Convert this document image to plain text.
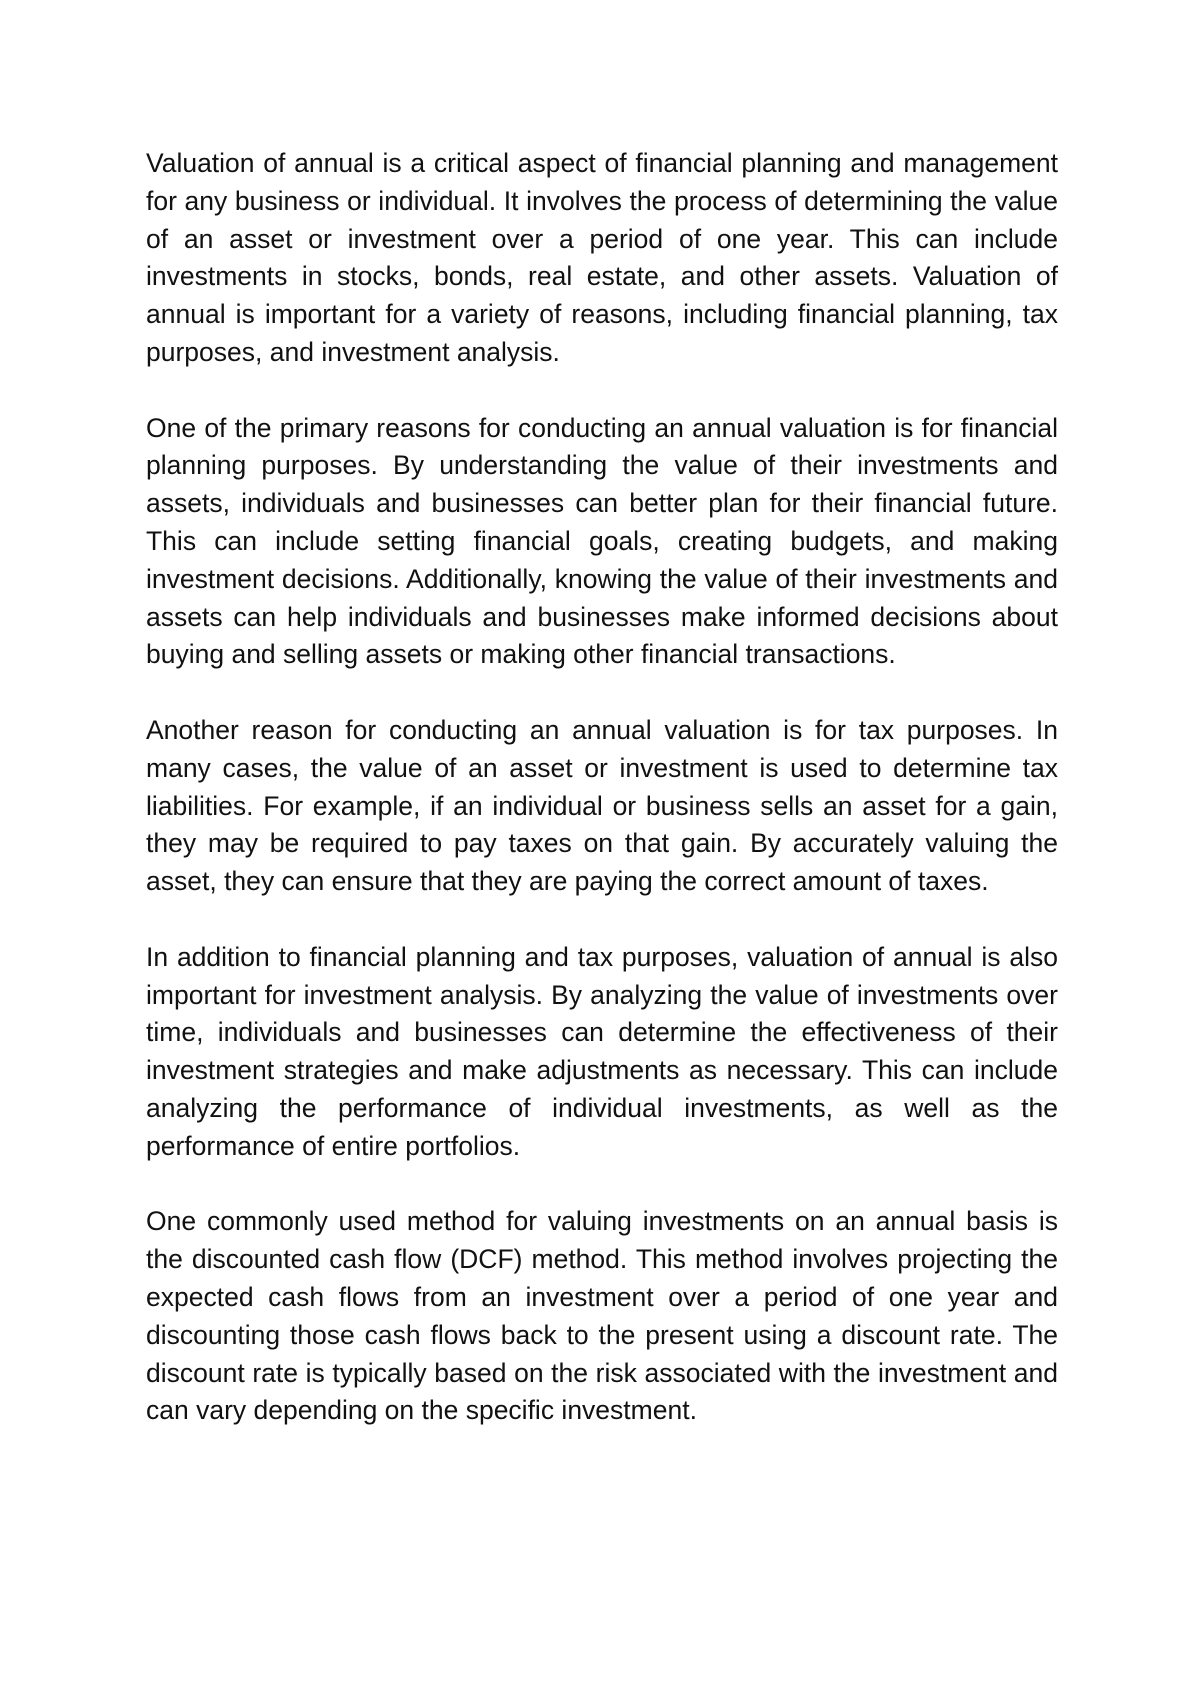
Valuation of annual is a critical aspect of financial planning and management for any business or individual. It involves the process of determining the value of an asset or investment over a period of one year. This can include investments in stocks, bonds, real estate, and other assets. Valuation of annual is important for a variety of reasons, including financial planning, tax purposes, and investment analysis.

One of the primary reasons for conducting an annual valuation is for financial planning purposes. By understanding the value of their investments and assets, individuals and businesses can better plan for their financial future. This can include setting financial goals, creating budgets, and making investment decisions. Additionally, knowing the value of their investments and assets can help individuals and businesses make informed decisions about buying and selling assets or making other financial transactions.

Another reason for conducting an annual valuation is for tax purposes. In many cases, the value of an asset or investment is used to determine tax liabilities. For example, if an individual or business sells an asset for a gain, they may be required to pay taxes on that gain. By accurately valuing the asset, they can ensure that they are paying the correct amount of taxes.

In addition to financial planning and tax purposes, valuation of annual is also important for investment analysis. By analyzing the value of investments over time, individuals and businesses can determine the effectiveness of their investment strategies and make adjustments as necessary. This can include analyzing the performance of individual investments, as well as the performance of entire portfolios.

One commonly used method for valuing investments on an annual basis is the discounted cash flow (DCF) method. This method involves projecting the expected cash flows from an investment over a period of one year and discounting those cash flows back to the present using a discount rate. The discount rate is typically based on the risk associated with the investment and can vary depending on the specific investment.
